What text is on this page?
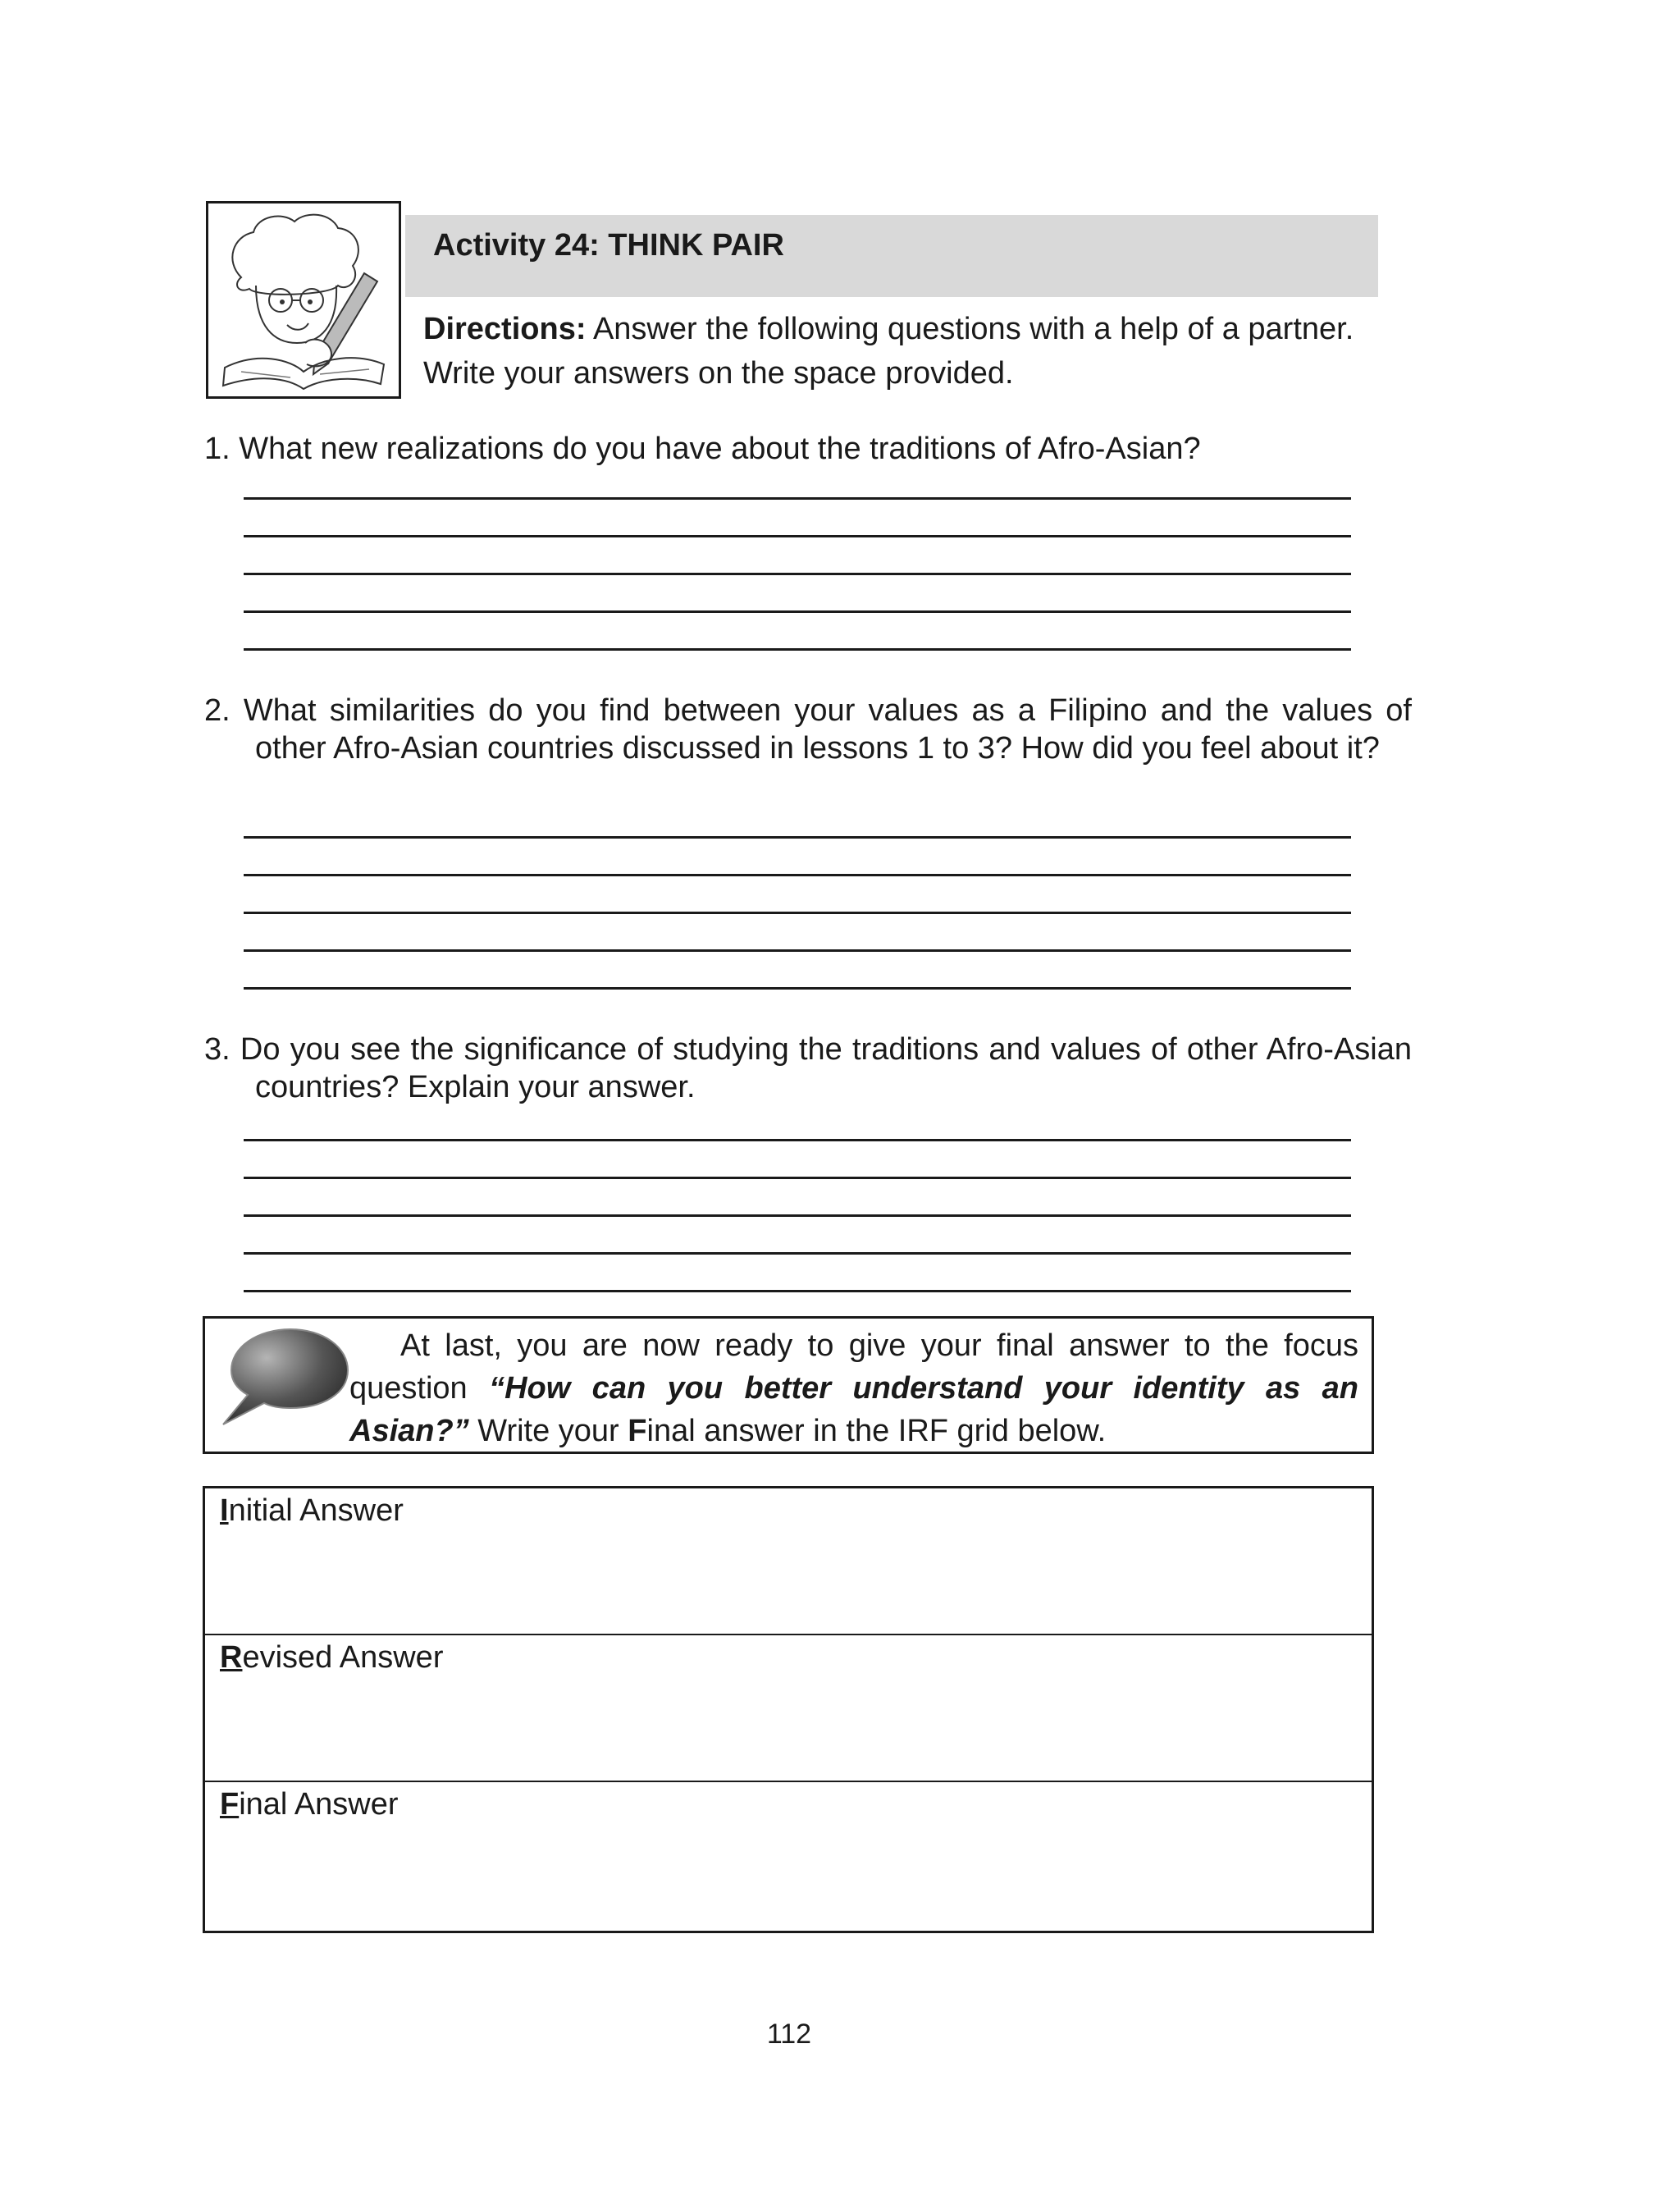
Activity 24: THINK PAIR
Directions: Answer the following questions with a help of a partner. Write your answers on the space provided.
1. What new realizations do you have about the traditions of Afro-Asian?
2. What similarities do you find between your values as a Filipino and the values of other Afro-Asian countries discussed in lessons 1 to 3? How did you feel about it?
3. Do you see the significance of studying the traditions and values of other Afro-Asian countries? Explain your answer.
At last, you are now ready to give your final answer to the focus question “How can you better understand your identity as an Asian?” Write your Final answer in the IRF grid below.
Initial Answer
Revised Answer
Final Answer
112
